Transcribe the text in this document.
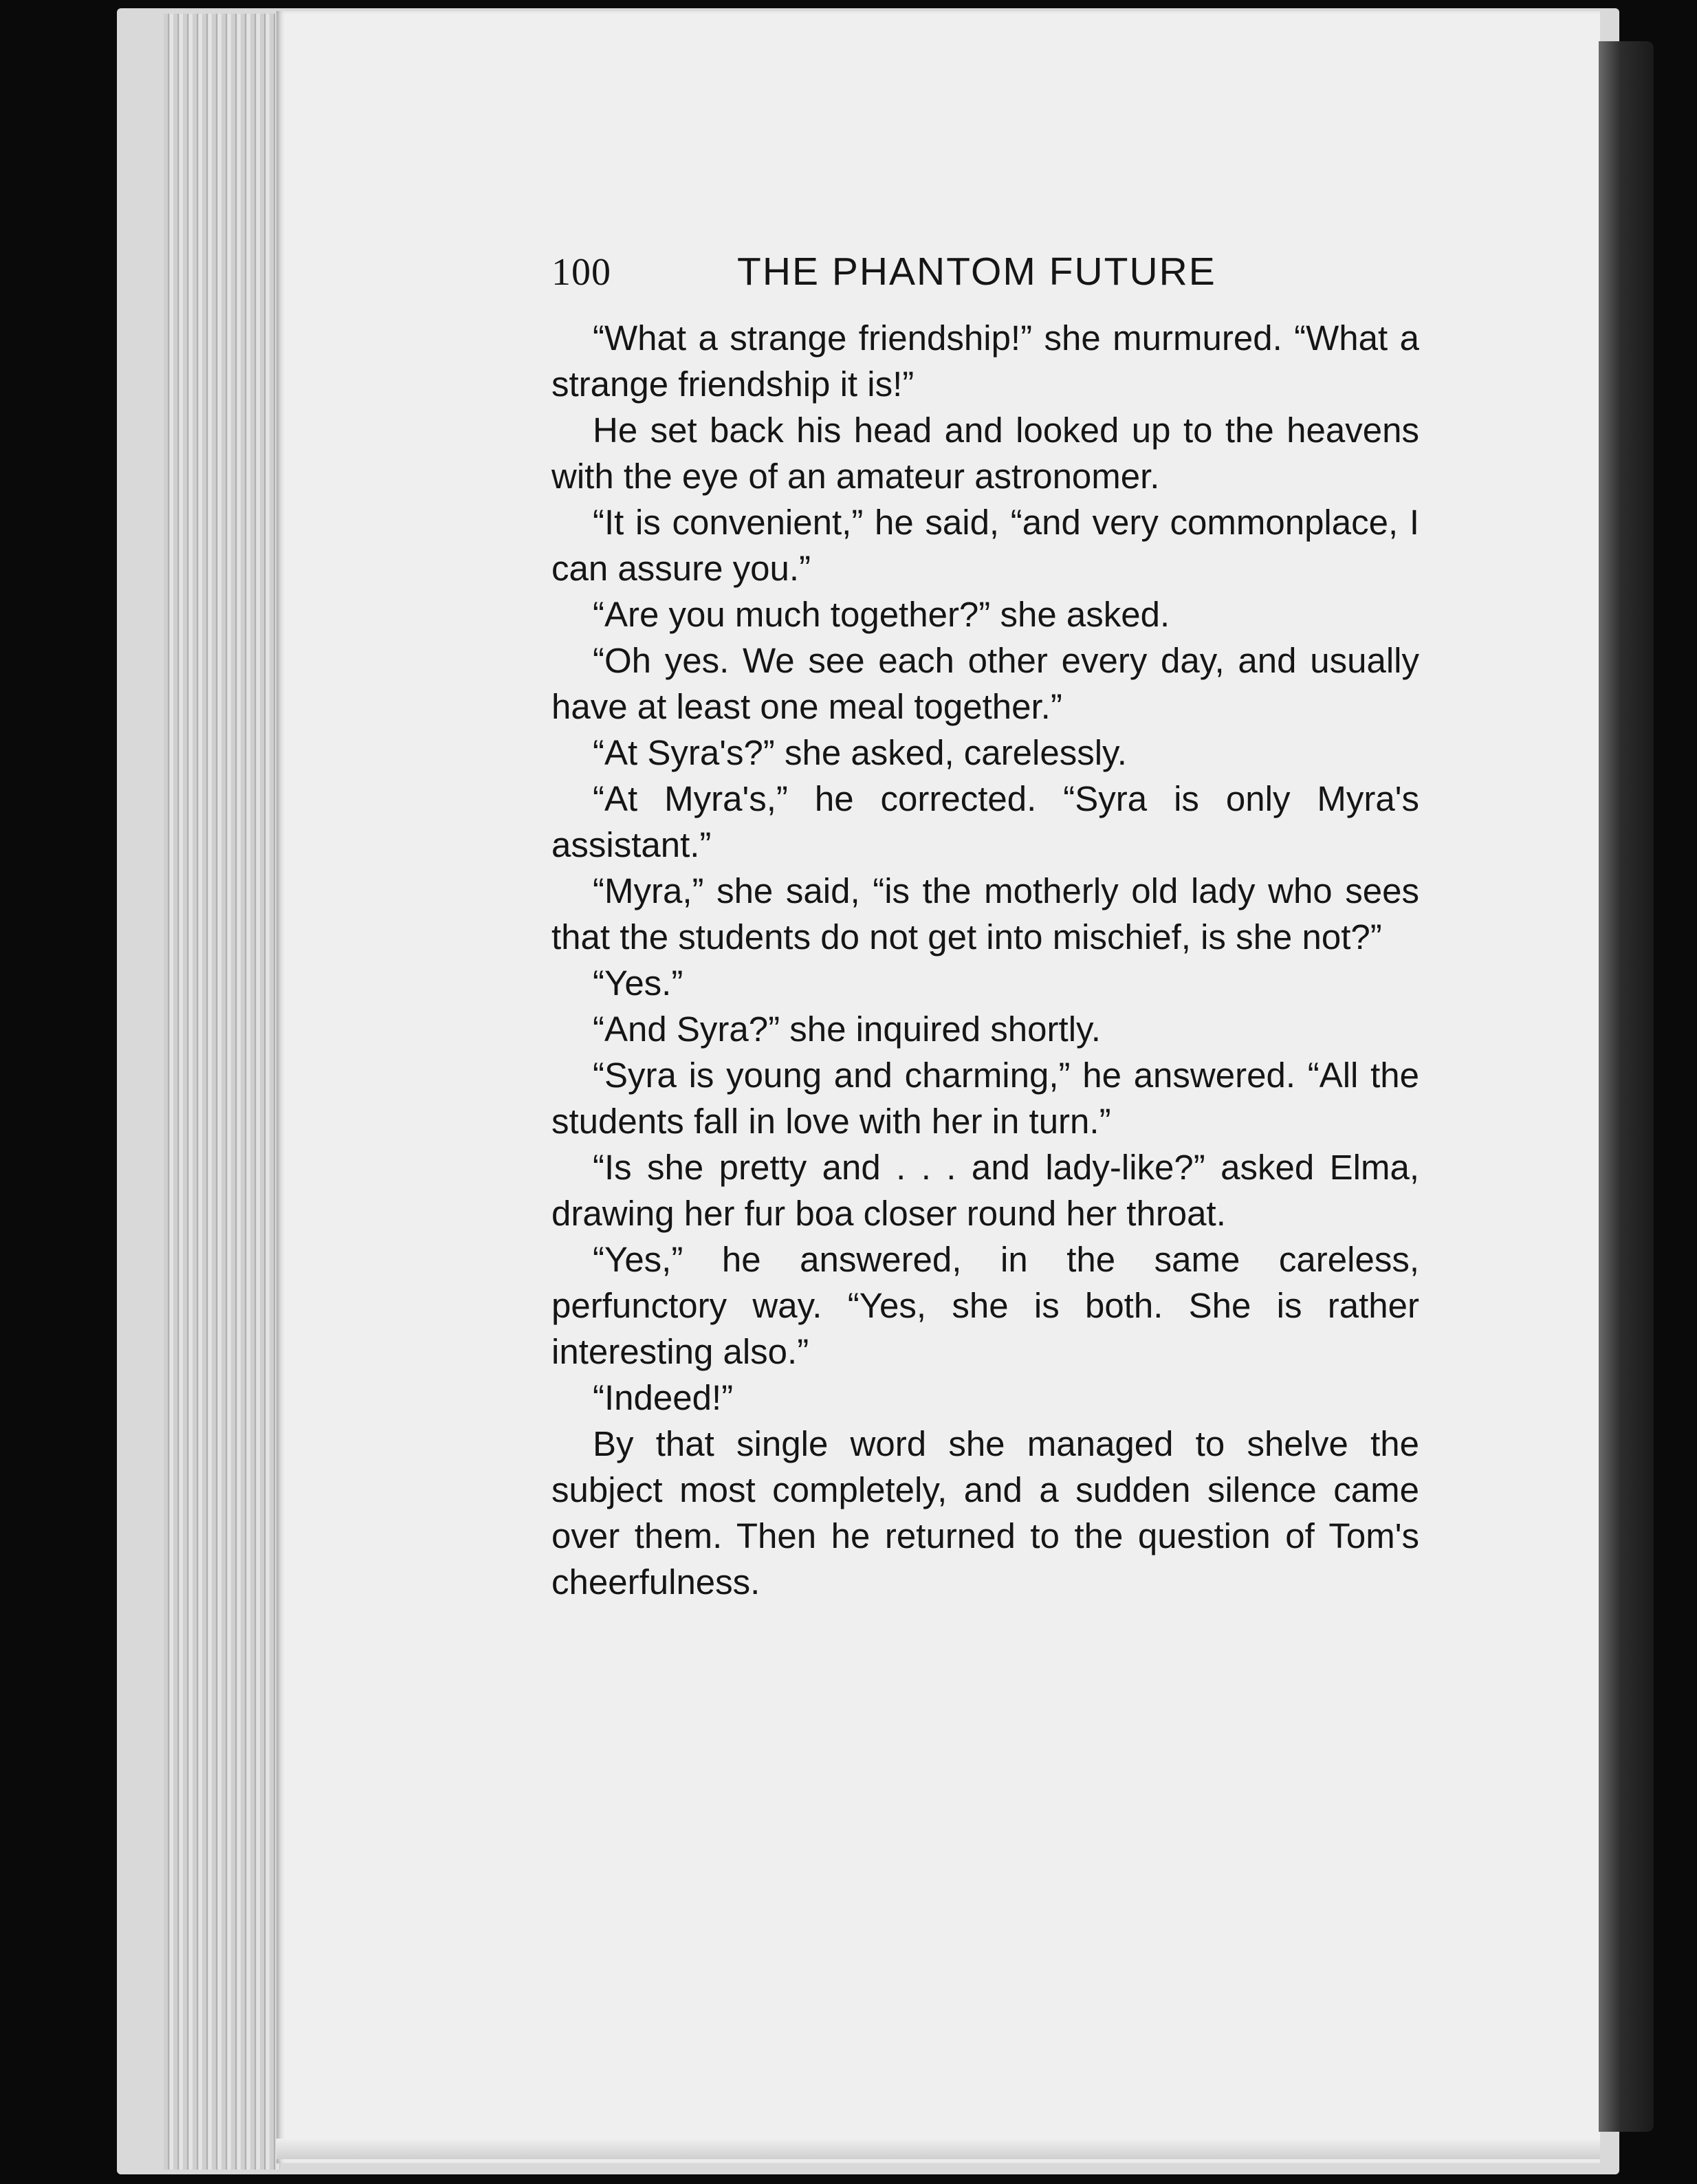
100	THE PHANTOM FUTURE

“What a strange friendship!” she murmured. “What a strange friendship it is!”

He set back his head and looked up to the heavens with the eye of an amateur astronomer.

“It is convenient,” he said, “and very commonplace, I can assure you.”

“Are you much together?” she asked.

“Oh yes. We see each other every day, and usually have at least one meal together.”

“At Syra's?” she asked, carelessly.

“At Myra's,” he corrected. “Syra is only Myra's assistant.”

“Myra,” she said, “is the motherly old lady who sees that the students do not get into mischief, is she not?”

“Yes.”

“And Syra?” she inquired shortly.

“Syra is young and charming,” he answered. “All the students fall in love with her in turn.”

“Is she pretty and . . . and lady-like?” asked Elma, drawing her fur boa closer round her throat.

“Yes,” he answered, in the same careless, perfunctory way. “Yes, she is both. She is rather interesting also.”

“Indeed!”

By that single word she managed to shelve the subject most completely, and a sudden silence came over them. Then he returned to the question of Tom's cheerfulness.
